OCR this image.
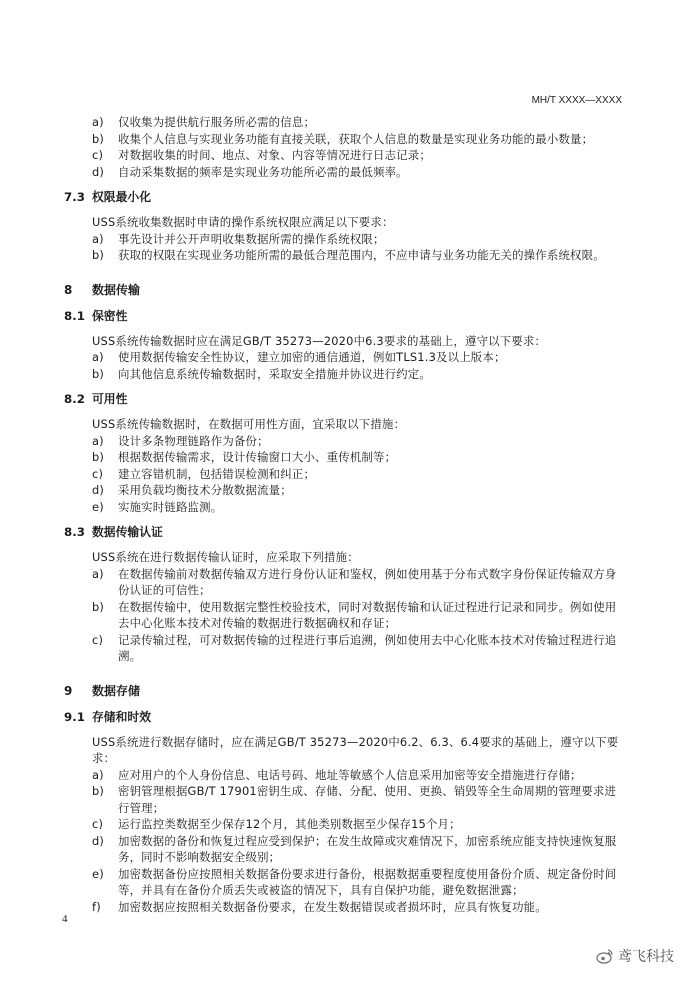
MH/T XXXX—XXXX
a) 仅收集为提供航行服务所必需的信息；
b) 收集个人信息与实现业务功能有直接关联，获取个人信息的数量是实现业务功能的最小数量；
c) 对数据收集的时间、地点、对象、内容等情况进行日志记录；
d) 自动采集数据的频率是实现业务功能所必需的最低频率。
7.3 权限最小化
USS系统收集数据时申请的操作系统权限应满足以下要求：
a) 事先设计并公开声明收集数据所需的操作系统权限；
b) 获取的权限在实现业务功能所需的最低合理范围内，不应申请与业务功能无关的操作系统权限。
8 数据传输
8.1 保密性
USS系统传输数据时应在满足GB/T 35273—2020中6.3要求的基础上，遵守以下要求：
a) 使用数据传输安全性协议，建立加密的通信通道，例如TLS1.3及以上版本；
b) 向其他信息系统传输数据时，采取安全措施并协议进行约定。
8.2 可用性
USS系统传输数据时，在数据可用性方面，宜采取以下措施：
a) 设计多条物理链路作为备份；
b) 根据数据传输需求，设计传输窗口大小、重传机制等；
c) 建立容错机制，包括错误检测和纠正；
d) 采用负载均衡技术分散数据流量；
e) 实施实时链路监测。
8.3 数据传输认证
USS系统在进行数据传输认证时，应采取下列措施：
a) 在数据传输前对数据传输双方进行身份认证和鉴权，例如使用基于分布式数字身份保证传输双方身份认证的可信性；
b) 在数据传输中，使用数据完整性校验技术，同时对数据传输和认证过程进行记录和同步。例如使用去中心化账本技术对传输的数据进行数据确权和存证；
c) 记录传输过程，可对数据传输的过程进行事后追溯，例如使用去中心化账本技术对传输过程进行追溯。
9 数据存储
9.1 存储和时效
USS系统进行数据存储时，应在满足GB/T 35273—2020中6.2、6.3、6.4要求的基础上，遵守以下要求：
a) 应对用户的个人身份信息、电话号码、地址等敏感个人信息采用加密等安全措施进行存储；
b) 密钥管理根据GB/T 17901密钥生成、存储、分配、使用、更换、销毁等全生命周期的管理要求进行管理；
c) 运行监控类数据至少保存12个月，其他类别数据至少保存15个月；
d) 加密数据的备份和恢复过程应受到保护；在发生故障或灾难情况下，加密系统应能支持快速恢复服务，同时不影响数据安全级别；
e) 加密数据备份应按照相关数据备份要求进行备份，根据数据重要程度使用备份介质、规定备份时间等，并具有在备份介质丢失或被盗的情况下，具有自保护功能，避免数据泄露；
f) 加密数据应按照相关数据备份要求，在发生数据错误或者损坏时，应具有恢复功能。
4
鸢飞科技
